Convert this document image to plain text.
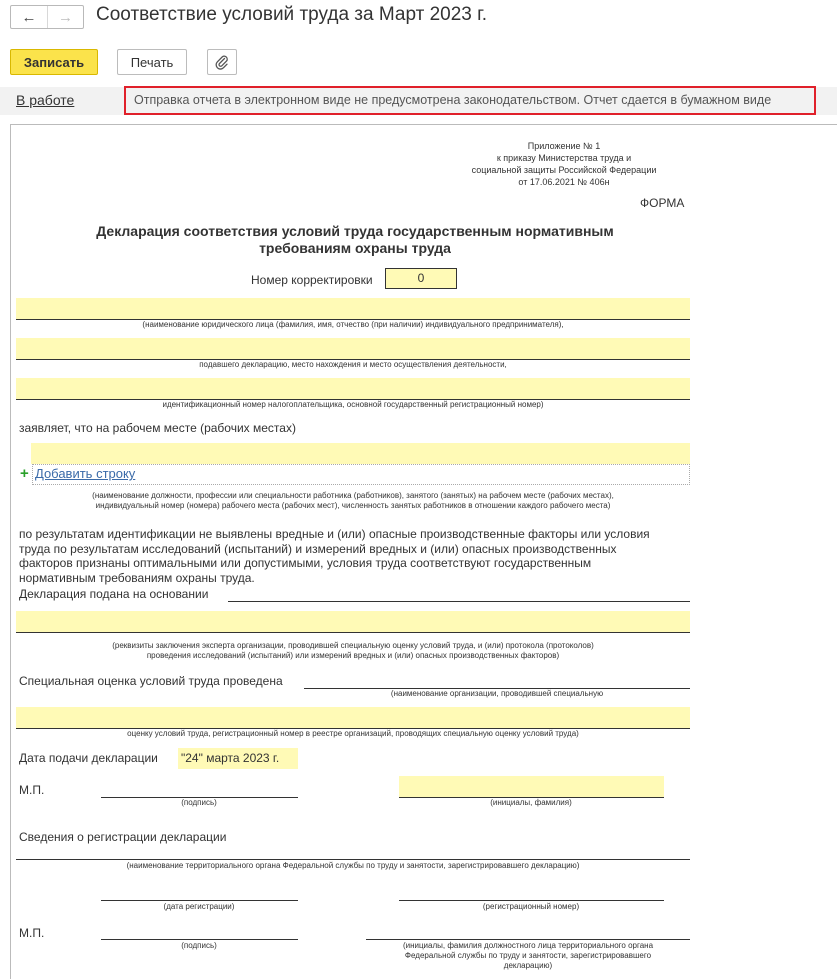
←	→	Соответствие условий труда за Март 2023 г.
Записать	Печать
В работе	Отправка отчета в электронном виде не предусмотрена законодательством. Отчет сдается в бумажном виде
Приложение № 1
к приказу Министерства труда и
социальной защиты Российской Федерации
от 17.06.2021 № 406н
ФОРМА
Декларация соответствия условий труда государственным нормативным
требованиям охраны труда
Номер корректировки	0
(наименование юридического лица (фамилия, имя, отчество (при наличии) индивидуального предпринимателя),
подавшего декларацию, место нахождения и место осуществления деятельности,
идентификационный номер налогоплательщика, основной государственный регистрационный номер)
заявляет, что на рабочем месте (рабочих местах)
+ Добавить строку
(наименование должности, профессии или специальности работника (работников), занятого (занятых) на рабочем месте (рабочих местах),
индивидуальный номер (номера) рабочего места (рабочих мест), численность занятых работников в отношении каждого рабочего места)
по результатам идентификации не выявлены вредные и (или) опасные производственные факторы или условия
труда по результатам исследований (испытаний) и измерений вредных и (или) опасных производственных
факторов признаны оптимальными или допустимыми, условия труда соответствуют государственным
нормативным требованиям охраны труда.
Декларация подана на основании
(реквизиты заключения эксперта организации, проводившей специальную оценку условий труда, и (или) протокола (протоколов)
проведения исследований (испытаний) или измерений вредных и (или) опасных производственных факторов)
Специальная оценка условий труда проведена
(наименование организации, проводившей специальную
оценку условий труда, регистрационный номер в реестре организаций, проводящих специальную оценку условий труда)
Дата подачи декларации "24" марта 2023 г.
М.П.
(подпись)	(инициалы, фамилия)
Сведения о регистрации декларации
(наименование территориального органа Федеральной службы по труду и занятости, зарегистрировавшего декларацию)
(дата регистрации)	(регистрационный номер)
М.П.
(подпись)	(инициалы, фамилия должностного лица территориального органа
Федеральной службы по труду и занятости, зарегистрировавшего
декларацию)
